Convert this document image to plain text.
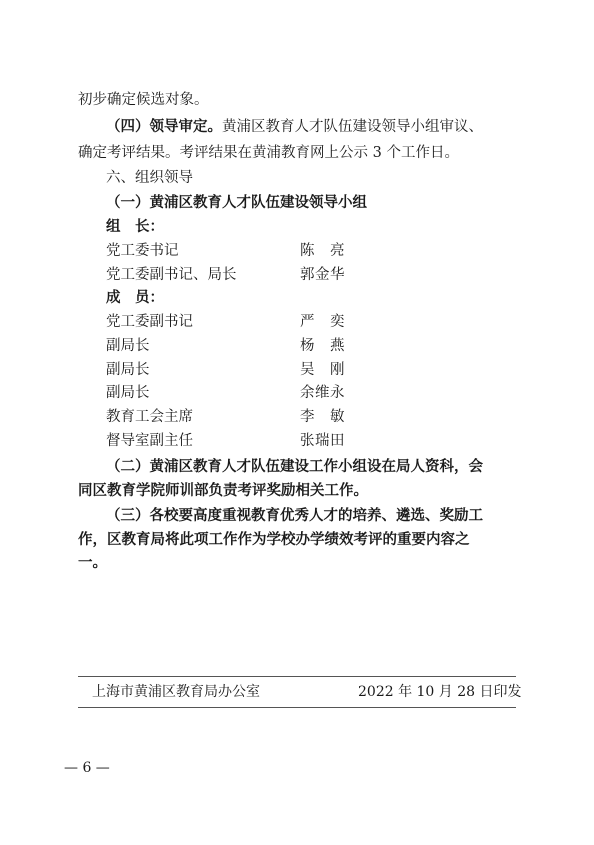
初步确定候选对象。
（四）领导审定。黄浦区教育人才队伍建设领导小组审议、
确定考评结果。考评结果在黄浦教育网上公示 3 个工作日。
六、组织领导
（一）黄浦区教育人才队伍建设领导小组
组　长：
党工委书记	陈　亮
党工委副书记、局长	郭金华
成　员：
党工委副书记	严　奕
副局长	杨　燕
副局长	吴　刚
副局长	余维永
教育工会主席	李　敏
督导室副主任	张瑞田
（二）黄浦区教育人才队伍建设工作小组设在局人资科，会
同区教育学院师训部负责考评奖励相关工作。
（三）各校要高度重视教育优秀人才的培养、遴选、奖励工
作，区教育局将此项工作作为学校办学绩效考评的重要内容之
一。
上海市黄浦区教育局办公室	2022 年 10 月 28 日印发
— 6 —
